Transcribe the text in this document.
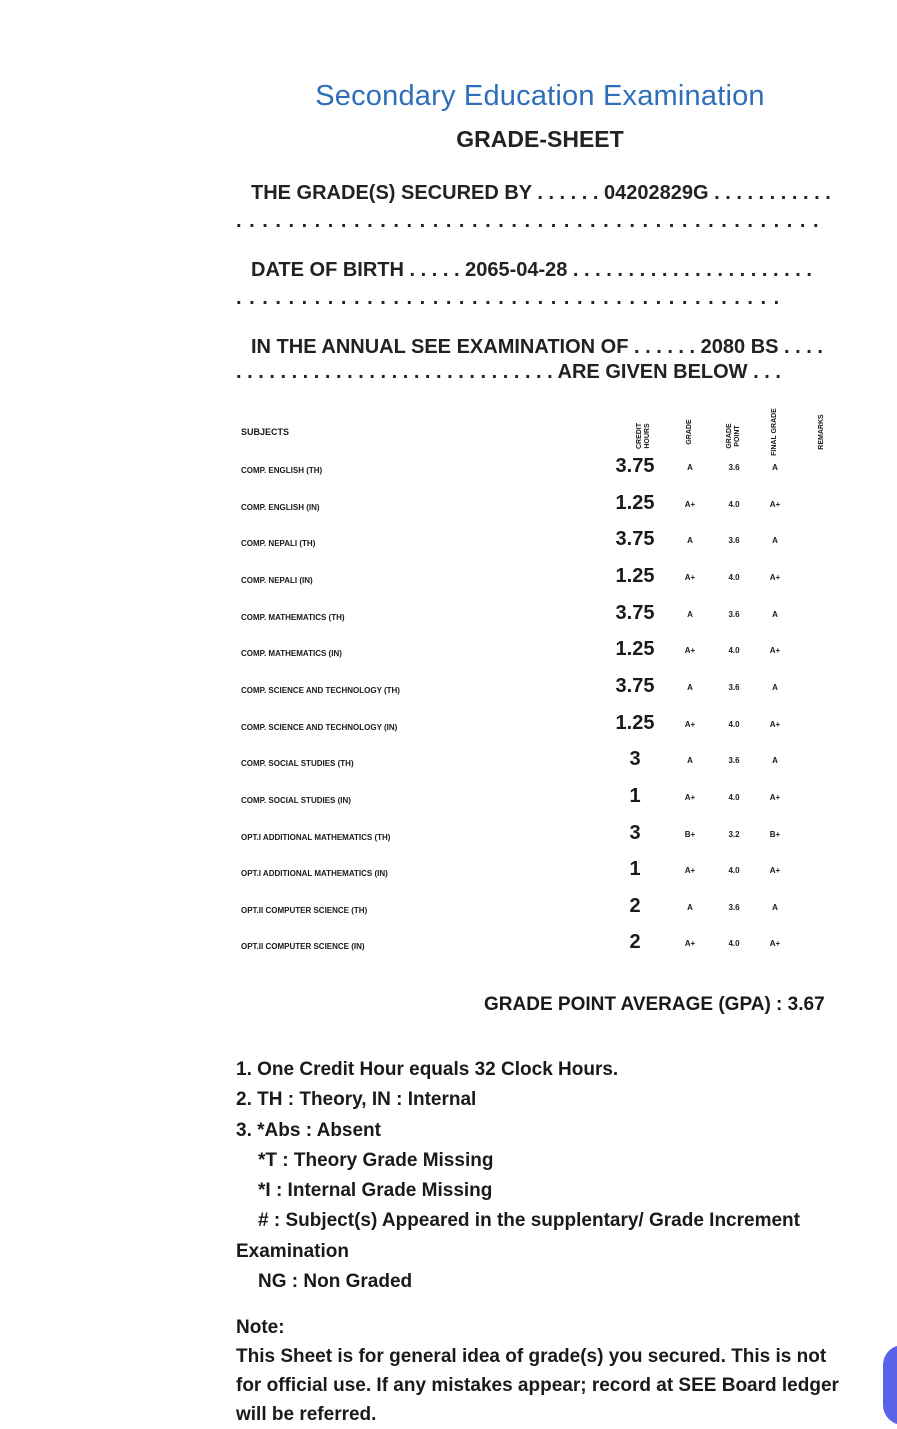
Secondary Education Examination
GRADE-SHEET
THE GRADE(S) SECURED BY . . . . . . 04202829G . . . . . . . . . . .
. . . . . . . . . . . . . . . . . . . . . . . . . . . . . . . . . . . . . . . . . . . . .
DATE OF BIRTH . . . . . 2065-04-28 . . . . . . . . . . . . . . . . . . . . . .
. . . . . . . . . . . . . . . . . . . . . . . . . . . . . . . . . . . . . . . . . .
IN THE ANNUAL SEE EXAMINATION OF . . . . . . 2080 BS . . . .
. . . . . . . . . . . . . . . . . . . . . . . . . . . . . ARE GIVEN BELOW . . .
SUBJECTS	CREDIT HOURS	GRADE	GRADE POINT	FINAL GRADE	REMARKS
COMP. ENGLISH (TH)	3.75	A	3.6	A
COMP. ENGLISH (IN)	1.25	A+	4.0	A+
COMP. NEPALI (TH)	3.75	A	3.6	A
COMP. NEPALI (IN)	1.25	A+	4.0	A+
COMP. MATHEMATICS (TH)	3.75	A	3.6	A
COMP. MATHEMATICS (IN)	1.25	A+	4.0	A+
COMP. SCIENCE AND TECHNOLOGY (TH)	3.75	A	3.6	A
COMP. SCIENCE AND TECHNOLOGY (IN)	1.25	A+	4.0	A+
COMP. SOCIAL STUDIES (TH)	3	A	3.6	A
COMP. SOCIAL STUDIES (IN)	1	A+	4.0	A+
OPT.I ADDITIONAL MATHEMATICS (TH)	3	B+	3.2	B+
OPT.I ADDITIONAL MATHEMATICS (IN)	1	A+	4.0	A+
OPT.II COMPUTER SCIENCE (TH)	2	A	3.6	A
OPT.II COMPUTER SCIENCE (IN)	2	A+	4.0	A+
GRADE POINT AVERAGE (GPA) : 3.67
1. One Credit Hour equals 32 Clock Hours.
2. TH : Theory, IN : Internal
3. *Abs : Absent
*T : Theory Grade Missing
*I : Internal Grade Missing
# : Subject(s) Appeared in the supplentary/ Grade Increment
Examination
NG : Non Graded
Note:
This Sheet is for general idea of grade(s) you secured. This is not for official use. If any mistakes appear; record at SEE Board ledger will be referred.
